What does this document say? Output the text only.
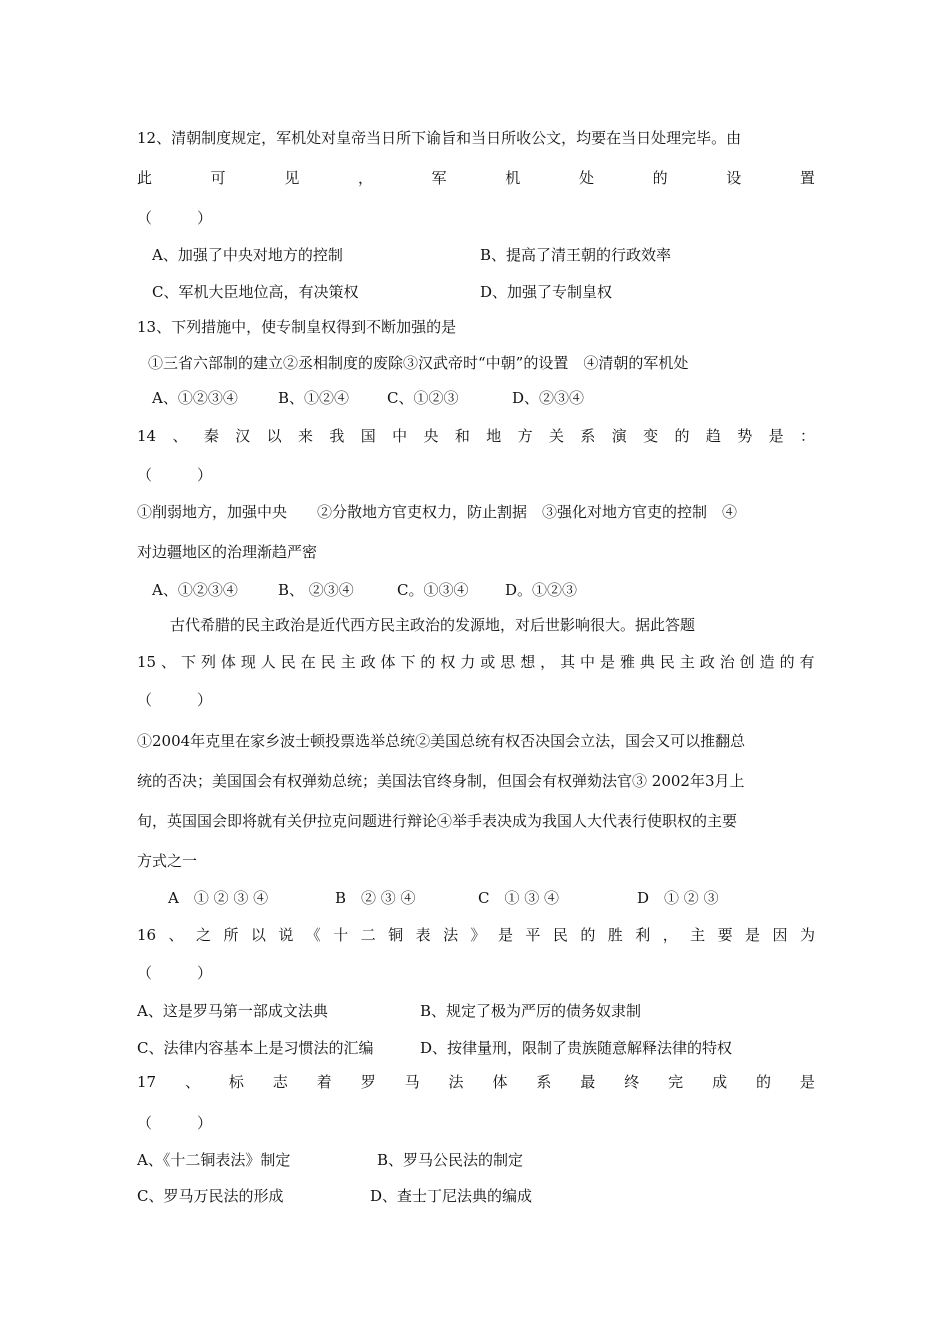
12、清朝制度规定，军机处对皇帝当日所下谕旨和当日所收公文，均要在当日处理完毕。由
此	可	见	，	军	机	处	的	设	置
（　　　）
A、加强了中央对地方的控制	B、提高了清王朝的行政效率
C、军机大臣地位高，有决策权	D、加强了专制皇权
13、下列措施中，使专制皇权得到不断加强的是
①三省六部制的建立②丞相制度的废除③汉武帝时“中朝”的设置　④清朝的军机处
A、①②③④	B、①②④	C、①②③	D、②③④
14 、 秦 汉 以 来 我 国 中 央 和 地 方 关 系 演 变 的 趋 势 是 ：
（　　　）
①削弱地方，加强中央　　②分散地方官吏权力，防止割据　③强化对地方官吏的控制　④
对边疆地区的治理渐趋严密
A、①②③④	B、 ②③④	C。①③④ D。①②③
古代希腊的民主政治是近代西方民主政治的发源地，对后世影响很大。据此答题
15 、 下 列 体 现 人 民 在 民 主 政 体 下 的 权 力 或 思 想 ， 其 中 是 雅 典 民 主 政 治 创 造 的 有
（　　　）
①2004年克里在家乡波士顿投票选举总统②美国总统有权否决国会立法，国会又可以推翻总
统的否决；美国国会有权弹劾总统；美国法官终身制，但国会有权弹劾法官③ 2002年3月上
旬，英国国会即将就有关伊拉克问题进行辩论④举手表决成为我国人大代表行使职权的主要
方式之一
A　① ② ③ ④	B　② ③ ④	C　① ③ ④	D　① ② ③
16 、 之 所 以 说 《 十 二 铜 表 法 》 是 平 民 的 胜 利 ， 主 要 是 因 为
（　　　）
A、这是罗马第一部成文法典	B、规定了极为严厉的债务奴隶制
C、法律内容基本上是习惯法的汇编	D、按律量刑，限制了贵族随意解释法律的特权
17 、 标 志 着 罗 马 法 体 系 最 终 完 成 的 是
（　　　）
A、《十二铜表法》制定	B、罗马公民法的制定
C、罗马万民法的形成	D、查士丁尼法典的编成
